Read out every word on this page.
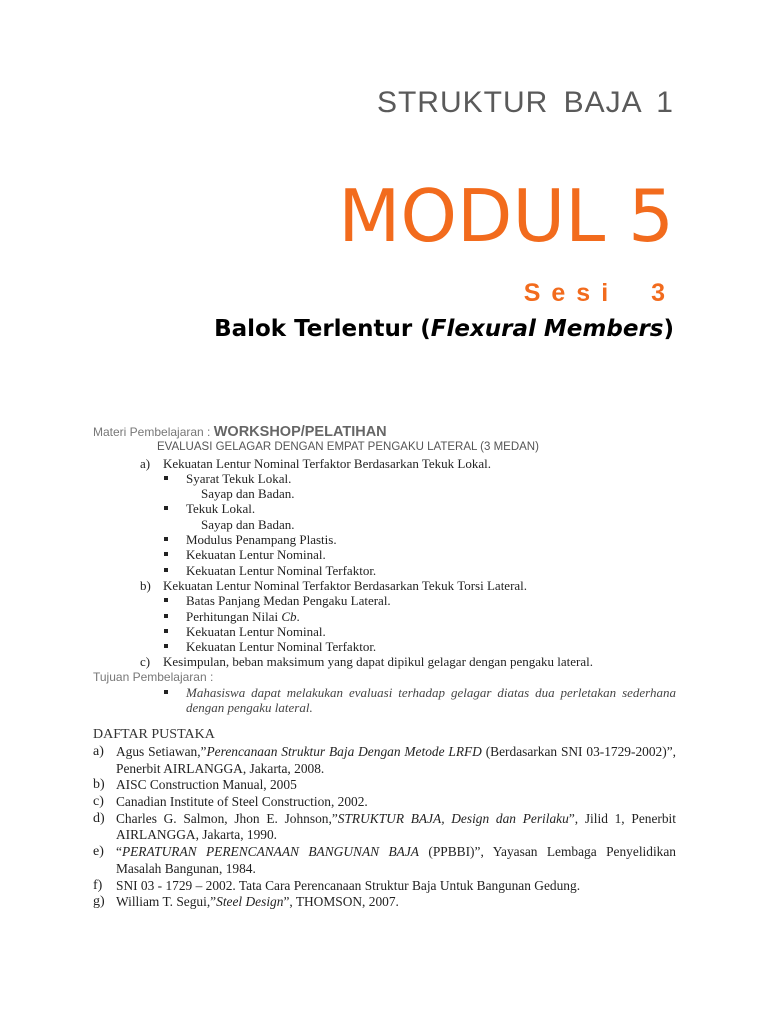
STRUKTUR BAJA 1
MODUL 5
Sesi 3
Balok Terlentur (Flexural Members)
Materi Pembelajaran : WORKSHOP/PELATIHAN
EVALUASI GELAGAR DENGAN EMPAT PENGAKU LATERAL (3 MEDAN)
a) Kekuatan Lentur Nominal Terfaktor Berdasarkan Tekuk Lokal.
Syarat Tekuk Lokal.
Sayap dan Badan.
Tekuk Lokal.
Sayap dan Badan.
Modulus Penampang Plastis.
Kekuatan Lentur Nominal.
Kekuatan Lentur Nominal Terfaktor.
b) Kekuatan Lentur Nominal Terfaktor Berdasarkan Tekuk Torsi Lateral.
Batas Panjang Medan Pengaku Lateral.
Perhitungan Nilai Cb.
Kekuatan Lentur Nominal.
Kekuatan Lentur Nominal Terfaktor.
c) Kesimpulan, beban maksimum yang dapat dipikul gelagar dengan pengaku lateral.
Tujuan Pembelajaran :
Mahasiswa dapat melakukan evaluasi terhadap gelagar diatas dua perletakan sederhana dengan pengaku lateral.
DAFTAR PUSTAKA
a) Agus Setiawan,”Perencanaan Struktur Baja Dengan Metode LRFD (Berdasarkan SNI 03-1729-2002)”, Penerbit AIRLANGGA, Jakarta, 2008.
b) AISC Construction Manual, 2005
c) Canadian Institute of Steel Construction, 2002.
d) Charles G. Salmon, Jhon E. Johnson,”STRUKTUR BAJA, Design dan Perilaku”, Jilid 1, Penerbit AIRLANGGA, Jakarta, 1990.
e) “PERATURAN PERENCANAAN BANGUNAN BAJA (PPBBI)”, Yayasan Lembaga Penyelidikan Masalah Bangunan, 1984.
f) SNI 03 - 1729 – 2002. Tata Cara Perencanaan Struktur Baja Untuk Bangunan Gedung.
g) William T. Segui,”Steel Design”, THOMSON, 2007.
